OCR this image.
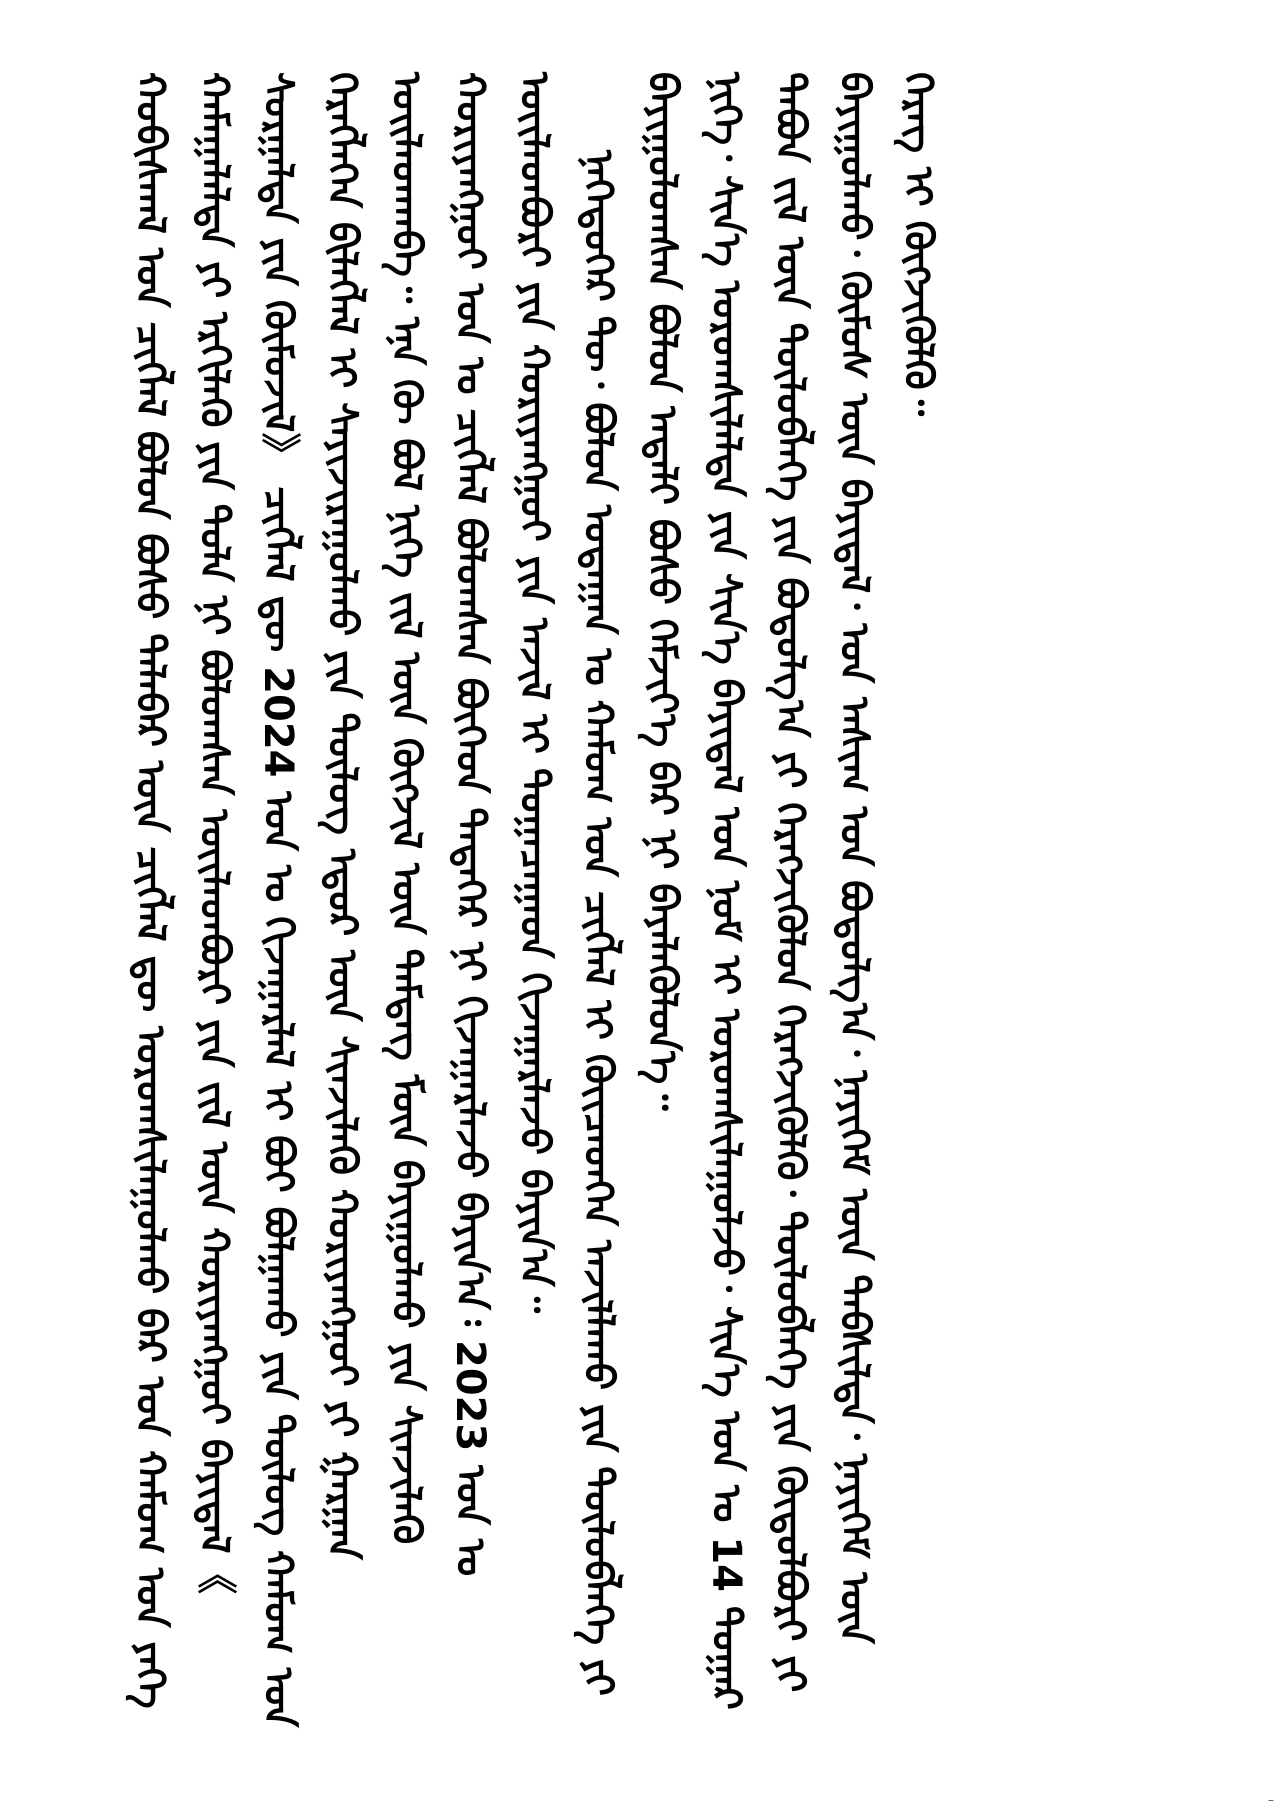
ᠬᠤᠪᠢᠰᠬᠠᠯ ᠤᠨ ᠴᠢᠭᠯᠡᠯ ᠪᠣᠯᠤᠨ ᠪᠤᠰᠤ ᠲᠠᠯᠠᠪᠠᠷ ᠦᠨ ᠴᠢᠭᠯᠡᠯ ᠳᠦ ᠤᠷᠤᠭᠰᠢᠯᠠᠭᠤᠯᠬᠤ ᠪᠠᠷ ᠤᠨ ᠬᠠᠮᠤᠭ ᠤᠨ ᠶᠡᠬᠡ ᠬᠠᠮᠠᠭᠠᠯᠠᠯᠲᠠ ᠶᠢ ᠡᠷᠬᠢᠯᠡᠬᠦ ᠶᠢᠨ ᠳᠤᠯᠠ ᠨᠢ ᠪᠣᠯᠤᠭᠰᠠᠨ ᠦᠢᠯᠡᠳᠪᠦᠷᠢ ᠶᠢᠨ ᠵᠢᠯ ᠦᠨ ᠬᠤᠷᠢᠶᠠᠩᠭᠤᠢ ᠪᠠᠶᠢᠳᠠᠯ《 ᠰᠤᠷᠭᠠᠯᠳᠠ ᠶᠢᠨ ᠬᠦᠮᠦᠵᠢᠯ》 ᠴᠢᠭᠯᠡᠯ ᠳᠦ 2024 ᠣᠨ ᠤ ᠬᠢᠵᠠᠭᠠᠷᠯᠠᠯ ᠢ ᠪᠤᠢ ᠪᠣᠯᠭᠠᠬᠤ ᠶᠢᠨ ᠲᠥᠯᠥᠭ ᠬᠠᠮᠤᠭ ᠤᠨ ᠬᠡᠷᠡᠭᠯᠡᠭᠡᠨ ᠪᠢᠯᠡᠭᠯᠡᠯ ᠢ ᠰᠠᠶᠢᠵᠢᠷᠠᠭᠤᠯᠬᠤ ᠶᠢᠨ ᠲᠥᠯᠥᠭ ᠡᠳᠦᠷ ᠦᠨ ᠰᠢᠨᠵᠢᠯᠡᠬᠦ ᠬᠤᠷᠢᠶᠠᠩᠭᠤᠢ ᠶᠢ ᠭᠠᠷᠭᠠᠨ ᠤᠢᠯᠠᠳᠬᠠᠪᠠ᠃ ᠡᠨᠡ ᠬᠦ ᠪᠣᠯ ᠨᠢᠭᠡ ᠵᠢᠯ ᠦᠨ ᠬᠥᠭᠵᠢᠯ ᠦᠨ ᠲᠡᠮᠳᠡᠭ ᠮᠥᠨ ᠪᠠᠶᠢᠭᠤᠯᠬᠤ ᠶᠢᠨ ᠰᠢᠨᠵᠢᠯᠡᠬᠦ ᠬᠤᠷᠢᠶᠠᠩᠭᠤᠢ ᠣᠨ ᠤ ᠴᠢᠭᠯᠡᠯ ᠪᠣᠯᠤᠭᠰᠠᠨ ᠪᠦᠭᠡᠳ ᠲᠡᠳᠡᠭᠡᠷ ᠨᠢ ᠬᠢᠵᠠᠭᠠᠷᠯᠠᠵᠤ ᠪᠠᠶᠢᠨ᠎ᠠ᠄ 2023 ᠣᠨ ᠤ ᠦᠢᠯᠡᠳᠪᠦᠷᠢ ᠶᠢᠨ ᠬᠤᠷᠢᠶᠠᠩᠭᠤᠢ ᠶᠢᠨ ᠠᠵᠢᠯ ᠢ ᠲᠣᠭᠠᠴᠠᠭᠠᠳ ᠬᠢᠵᠠᠭᠠᠷᠯᠠᠵᠤ ᠪᠠᠶᠢᠨ᠎ᠠ᠃ ᠨᠡᠭᠡᠳᠦᠭᠡᠷ ᠲᠦ᠂ ᠪᠣᠯᠤᠨ ᠤᠳᠠᠭᠠᠨ ᠤ ᠬᠠᠮᠤᠭ ᠤᠨ ᠴᠢᠭᠯᠡᠯ ᠢ ᠭᠦᠢᠴᠡᠳᠬᠡᠨ ᠠᠵᠢᠯᠯᠠᠬᠤ ᠶᠢᠨ ᠲᠥᠯᠥᠪᠯᠡᠭᠡ ᠶᠢ ᠪᠠᠶᠢᠭᠤᠯᠤᠭᠰᠠᠨ ᠪᠣᠯᠤᠨ ᠠᠳᠠᠯᠢ ᠪᠣᠰᠤ ᠬᠡᠮᠵᠢᠶ᠎ᠡ ᠪᠠᠷ ᠨᠢ ᠪᠡᠶᠡᠯᠡᠭᠦᠯᠦᠨ᠎ᠡ᠃ ᠨᠢᠭᠡ᠂ ᠰᠢᠨ᠎ᠡ ᠤᠷᠤᠭᠰᠢᠯᠠᠯᠲᠠ ᠶᠢᠨ ᠰᠢᠨ᠎ᠡ ᠪᠠᠶᠢᠳᠠᠯ ᠤᠨ ᠨᠣᠮ ᠢ ᠤᠷᠤᠭᠰᠢᠯᠠᠭᠤᠯᠵᠤ᠂ ᠰᠢᠨ᠎ᠡ ᠣᠨ ᠤ 14 ᠳᠤᠭᠠᠷ ᠲᠠᠪᠤᠨ ᠵᠢᠯ ᠦᠨ ᠲᠥᠯᠥᠪᠯᠡᠭᠡ ᠶᠢᠨ ᠪᠣᠳᠤᠯᠭ᠎ᠠ ᠶᠢ ᠬᠡᠷᠡᠭᠵᠢᠭᠦᠯᠦᠨ ᠬᠡᠷᠡᠭᠵᠢᠭᠦᠯᠬᠦ᠂ ᠲᠥᠯᠥᠪᠯᠡᠭᠡ ᠶᠢᠨ ᠬᠥᠲᠦᠯᠪᠦᠷᠢ ᠶᠢ ᠪᠠᠶᠢᠭᠤᠯᠬᠤ᠂ ᠬᠦᠮᠦᠰ ᠦᠨ ᠪᠠᠶᠢᠳᠠᠯ᠂ ᠡᠳ ᠠᠰᠢᠭ ᠤᠨ ᠪᠣᠳᠣᠯᠭ᠎ᠠ᠂ ᠨᠡᠶᠢᠭᠡᠮ ᠦᠨ ᠳᠡᠪᠰᠢᠯᠲᠡ᠂ ᠨᠡᠶᠢᠭᠡᠮ ᠦᠨ ᠬᠡᠷᠡᠭ ᠢ ᠬᠥᠭᠵᠢᠭᠦᠯᠬᠦ᠃

–
